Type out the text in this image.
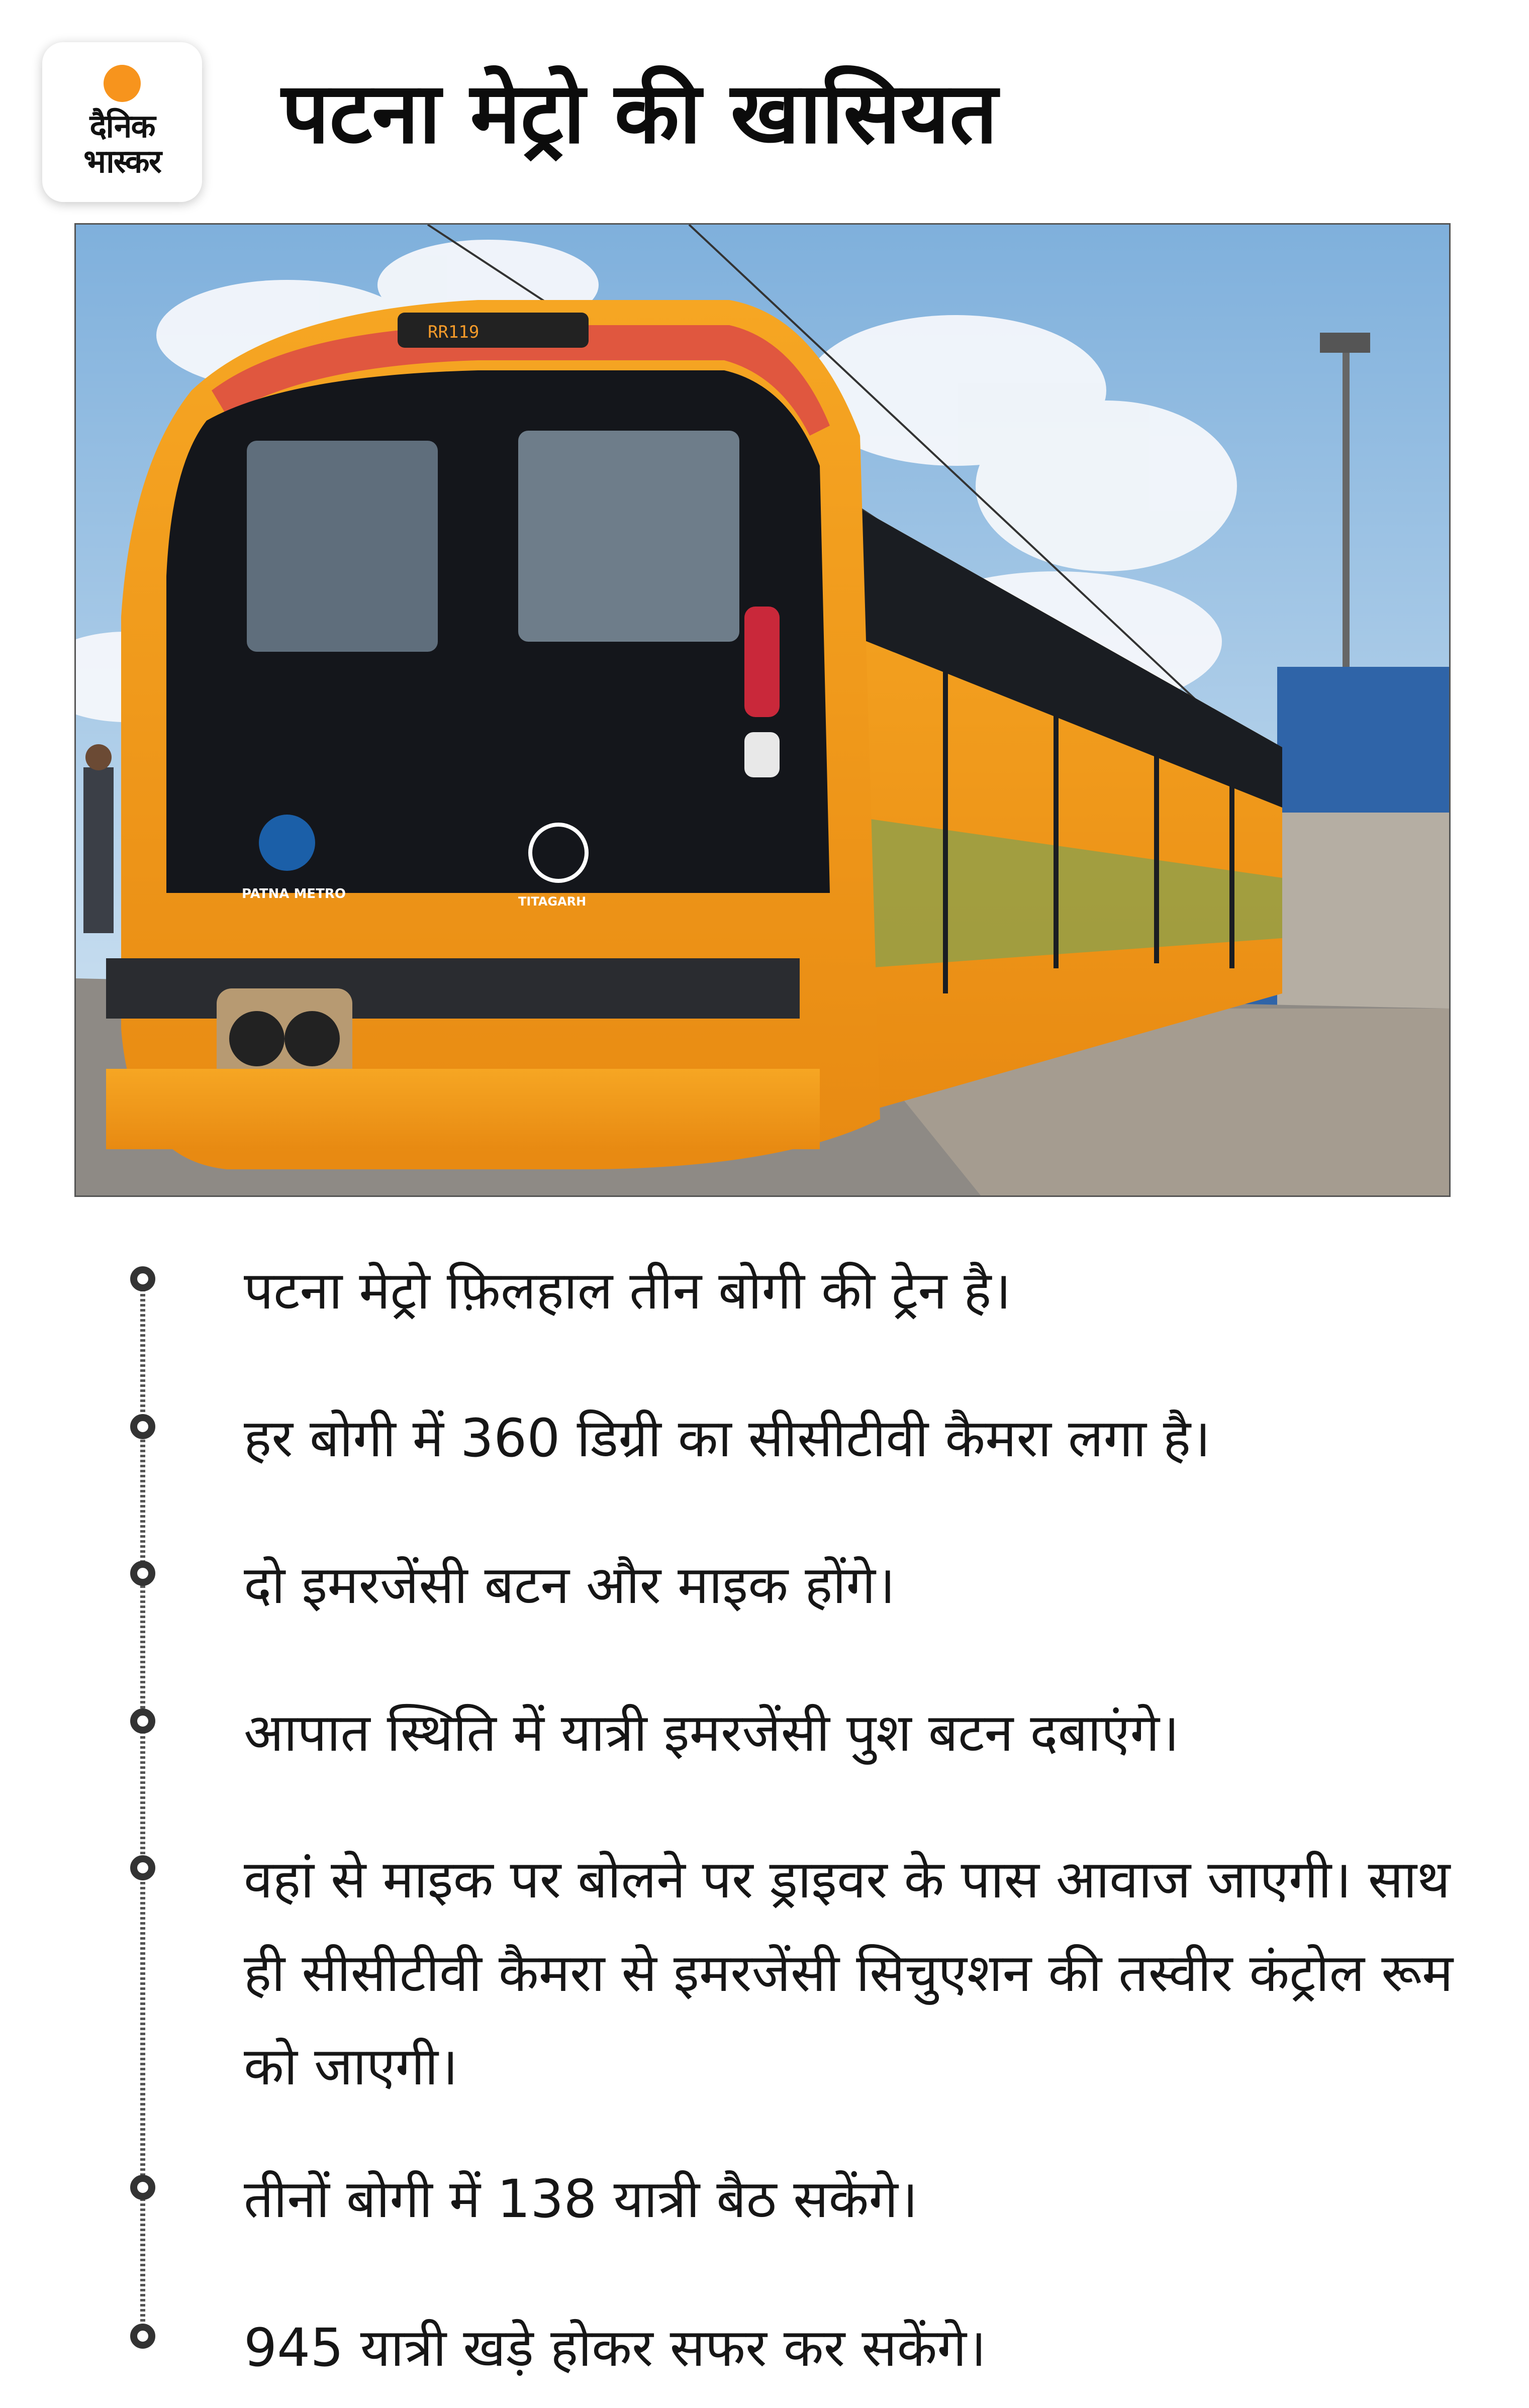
दैनिक
भास्कर पटना मेट्रो की खासियत
RR119
PATNA METRO	TITAGARH
पटना मेट्रो फ़िलहाल तीन बोगी की ट्रेन है।
हर बोगी में 360 डिग्री का सीसीटीवी कैमरा लगा है।
दो इमरजेंसी बटन और माइक होंगे।
आपात स्थिति में यात्री इमरजेंसी पुश बटन दबाएंगे।
वहां से माइक पर बोलने पर ड्राइवर के पास आवाज जाएगी। साथ ही सीसीटीवी कैमरा से इमरजेंसी सिचुएशन की तस्वीर कंट्रोल रूम को जाएगी।
तीनों बोगी में 138 यात्री बैठ सकेंगे।
945 यात्री खड़े होकर सफर कर सकेंगे।
